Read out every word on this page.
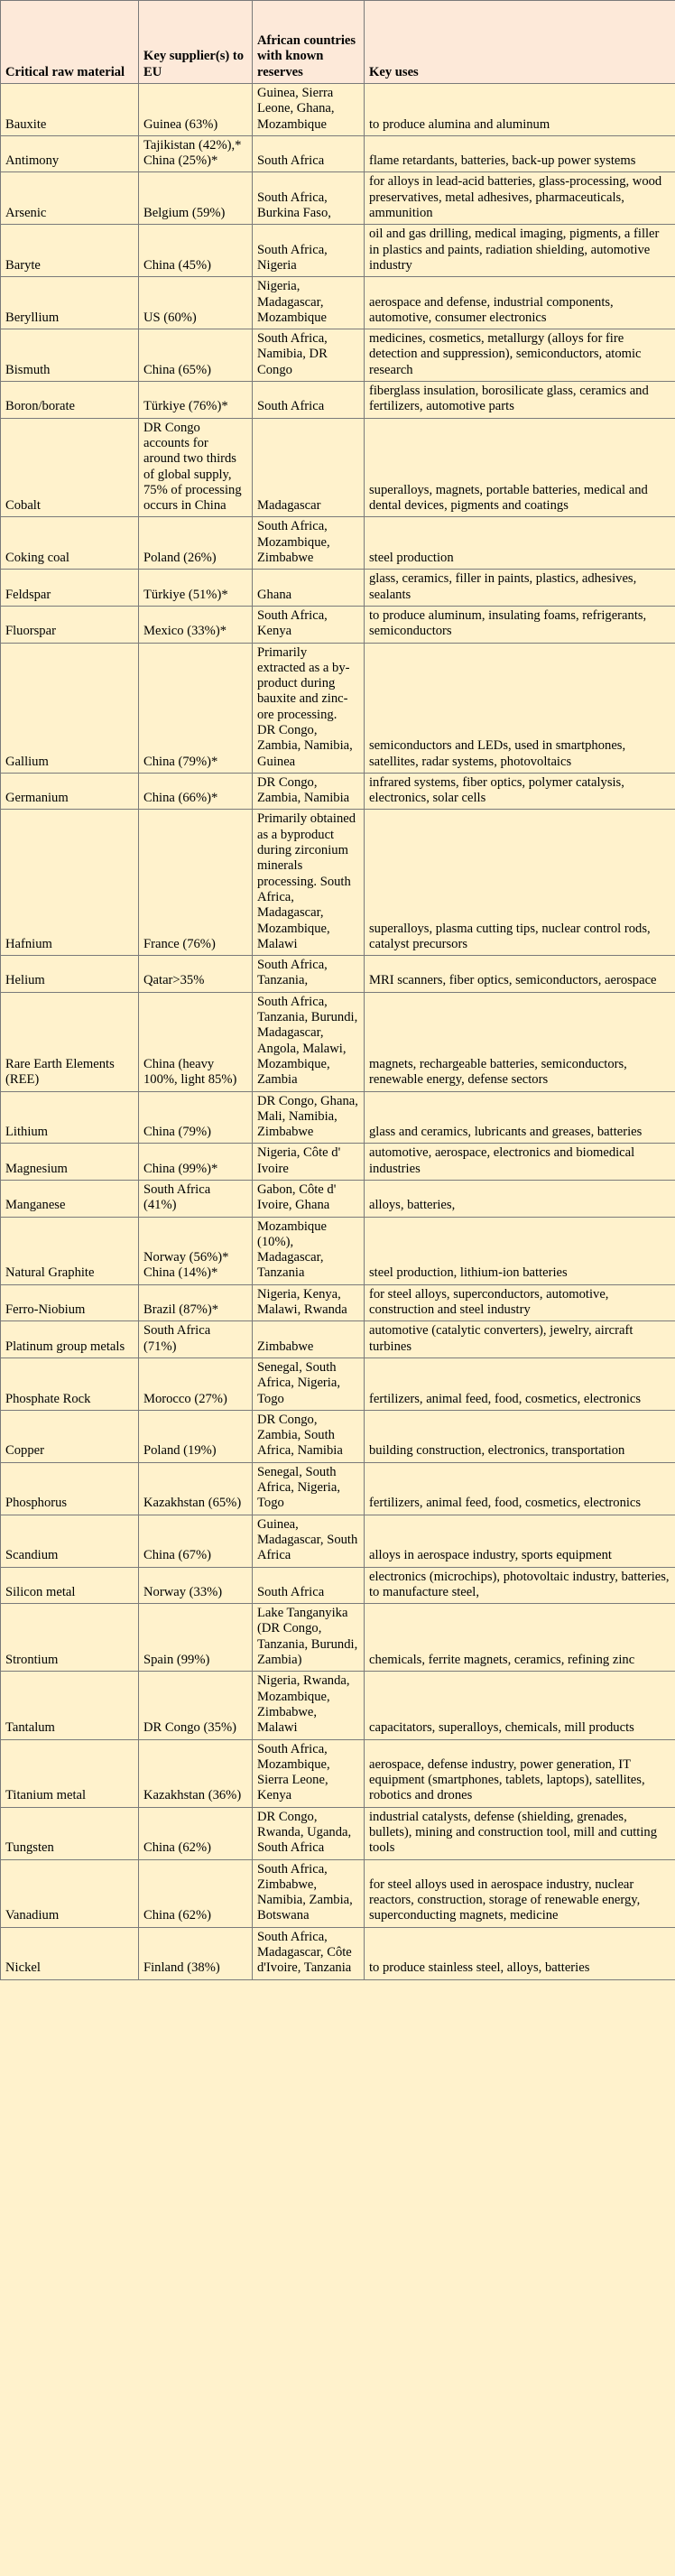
Critical raw material	Key supplier(s) to EU	African countries with known reserves	Key uses
Bauxite	Guinea (63%)	Guinea, Sierra Leone, Ghana, Mozambique	to produce alumina and aluminum
Antimony	Tajikistan (42%),* China (25%)*	South Africa	flame retardants, batteries, back-up power systems
Arsenic	Belgium (59%)	South Africa, Burkina Faso,	for alloys in lead-acid batteries, glass-processing, wood preservatives, metal adhesives, pharmaceuticals, ammunition
Baryte	China (45%)	South Africa, Nigeria	oil and gas drilling, medical imaging, pigments, a filler in plastics and paints, radiation shielding, automotive industry
Beryllium	US (60%)	Nigeria, Madagascar, Mozambique	aerospace and defense, industrial components, automotive, consumer electronics
Bismuth	China (65%)	South Africa, Namibia, DR Congo	medicines, cosmetics, metallurgy (alloys for fire detection and suppression), semiconductors, atomic research
Boron/borate	Türkiye (76%)*	South Africa	fiberglass insulation, borosilicate glass, ceramics and fertilizers, automotive parts
Cobalt	DR Congo accounts for around two thirds of global supply, 75% of processing occurs in China	Madagascar	superalloys, magnets, portable batteries, medical and dental devices, pigments and coatings
Coking coal	Poland (26%)	South Africa, Mozambique, Zimbabwe	steel production
Feldspar	Türkiye (51%)*	Ghana	glass, ceramics, filler in paints, plastics, adhesives, sealants
Fluorspar	Mexico (33%)*	South Africa, Kenya	to produce aluminum, insulating foams, refrigerants, semiconductors
Gallium	China (79%)*	Primarily extracted as a by-product during bauxite and zinc-ore processing. DR Congo, Zambia, Namibia, Guinea	semiconductors and LEDs, used in smartphones, satellites, radar systems, photovoltaics
Germanium	China (66%)*	DR Congo, Zambia, Namibia	infrared systems, fiber optics, polymer catalysis, electronics, solar cells
Hafnium	France (76%)	Primarily obtained as a byproduct during zirconium minerals processing. South Africa, Madagascar, Mozambique, Malawi	superalloys, plasma cutting tips, nuclear control rods, catalyst precursors
Helium	Qatar>35%	South Africa, Tanzania,	MRI scanners, fiber optics, semiconductors, aerospace
Rare Earth Elements (REE)	China (heavy 100%, light 85%)	South Africa, Tanzania, Burundi, Madagascar, Angola, Malawi, Mozambique, Zambia	magnets, rechargeable batteries, semiconductors, renewable energy, defense sectors
Lithium	China (79%)	DR Congo, Ghana, Mali, Namibia, Zimbabwe	glass and ceramics, lubricants and greases, batteries
Magnesium	China (99%)*	Nigeria, Côte d' Ivoire	automotive, aerospace, electronics and biomedical industries
Manganese	South Africa (41%)	Gabon, Côte d' Ivoire, Ghana	alloys, batteries,
Natural Graphite	Norway (56%)* China (14%)*	Mozambique (10%), Madagascar, Tanzania	steel production, lithium-ion batteries
Ferro-Niobium	Brazil (87%)*	Nigeria, Kenya, Malawi, Rwanda	for steel alloys, superconductors, automotive, construction and steel industry
Platinum group metals	South Africa (71%)	Zimbabwe	automotive (catalytic converters), jewelry, aircraft turbines
Phosphate Rock	Morocco (27%)	Senegal, South Africa, Nigeria, Togo	fertilizers, animal feed, food, cosmetics, electronics
Copper	Poland (19%)	DR Congo, Zambia, South Africa, Namibia	building construction, electronics, transportation
Phosphorus	Kazakhstan (65%)	Senegal, South Africa, Nigeria, Togo	fertilizers, animal feed, food, cosmetics, electronics
Scandium	China (67%)	Guinea, Madagascar, South Africa	alloys in aerospace industry, sports equipment
Silicon metal	Norway (33%)	South Africa	electronics (microchips), photovoltaic industry, batteries, to manufacture steel,
Strontium	Spain (99%)	Lake Tanganyika (DR Congo, Tanzania, Burundi, Zambia)	chemicals, ferrite magnets, ceramics, refining zinc
Tantalum	DR Congo (35%)	Nigeria, Rwanda, Mozambique, Zimbabwe, Malawi	capacitators, superalloys, chemicals, mill products
Titanium metal	Kazakhstan (36%)	South Africa, Mozambique, Sierra Leone, Kenya	aerospace, defense industry, power generation, IT equipment (smartphones, tablets, laptops), satellites, robotics and drones
Tungsten	China (62%)	DR Congo, Rwanda, Uganda, South Africa	industrial catalysts, defense (shielding, grenades, bullets), mining and construction tool, mill and cutting tools
Vanadium	China (62%)	South Africa, Zimbabwe, Namibia, Zambia, Botswana	for steel alloys used in aerospace industry, nuclear reactors, construction, storage of renewable energy, superconducting magnets, medicine
Nickel	Finland (38%)	South Africa, Madagascar, Côte d'Ivoire, Tanzania	to produce stainless steel, alloys, batteries
